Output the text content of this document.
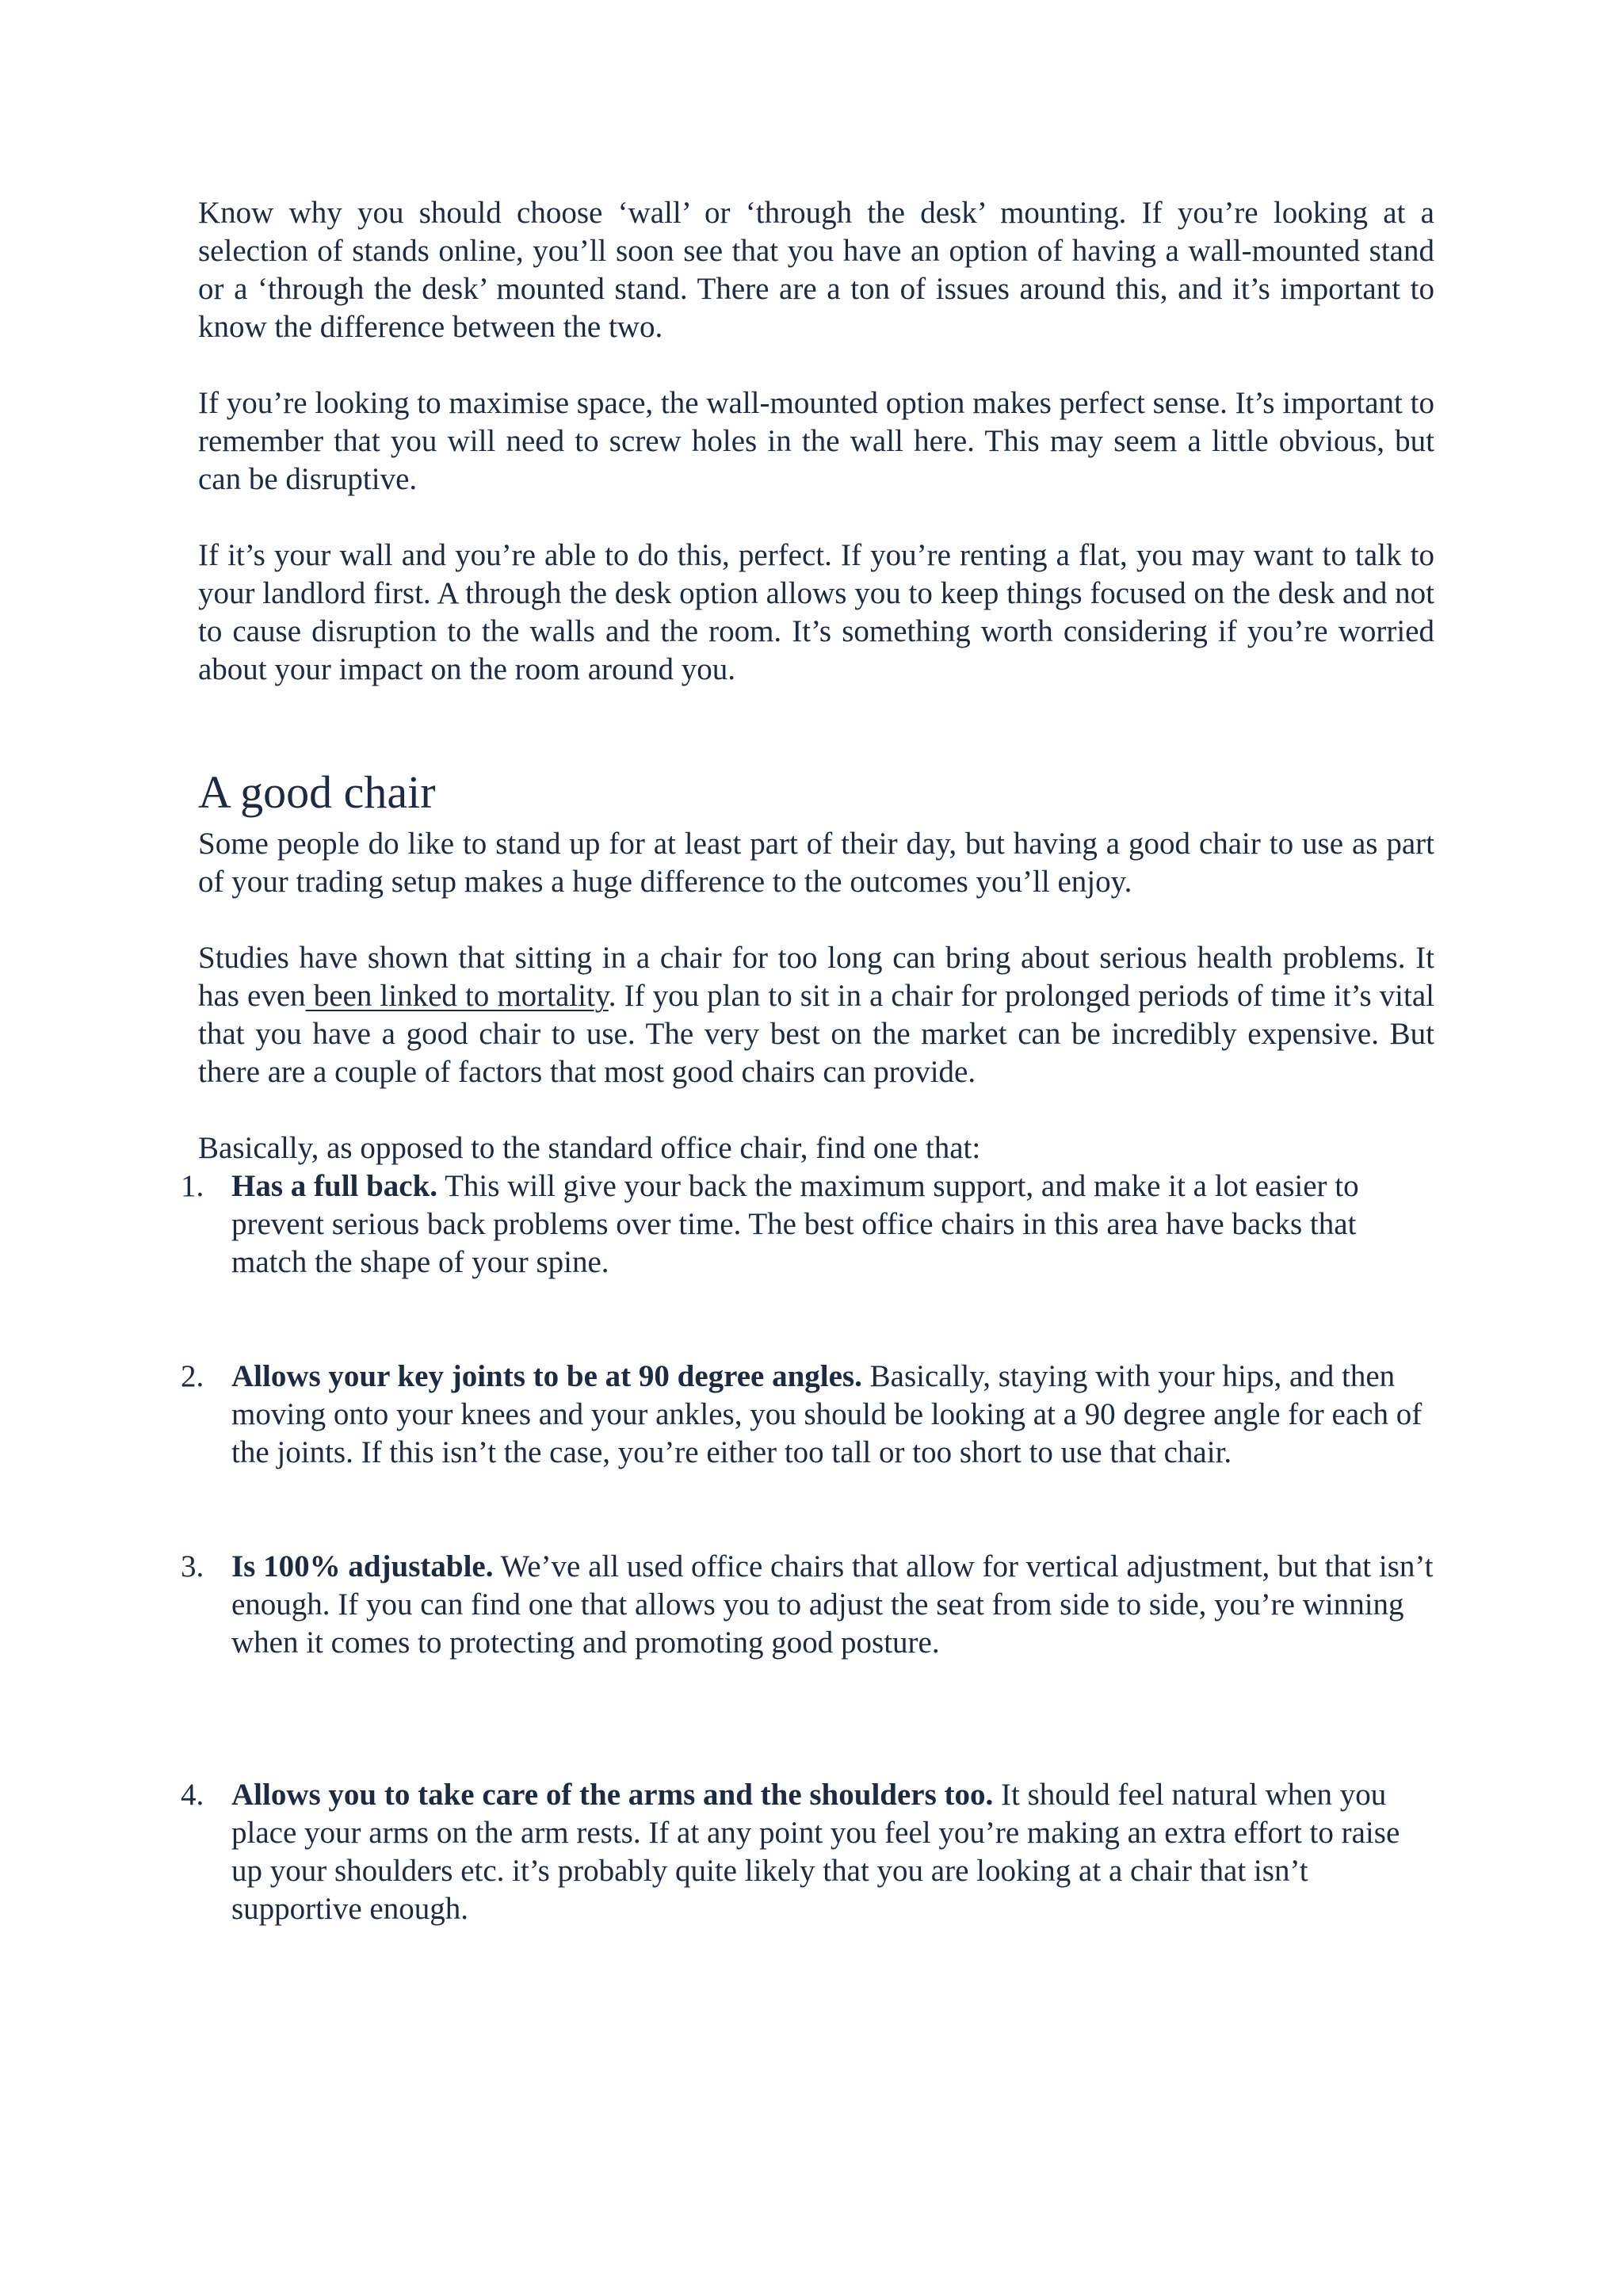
Know why you should choose ‘wall’ or ‘through the desk’ mounting. If you’re looking at a selection of stands online, you’ll soon see that you have an option of having a wall-mounted stand or a ‘through the desk’ mounted stand. There are a ton of issues around this, and it’s important to know the difference between the two.

If you’re looking to maximise space, the wall-mounted option makes perfect sense. It’s important to remember that you will need to screw holes in the wall here. This may seem a little obvious, but can be disruptive.

If it’s your wall and you’re able to do this, perfect. If you’re renting a flat, you may want to talk to your landlord first. A through the desk option allows you to keep things focused on the desk and not to cause disruption to the walls and the room. It’s something worth considering if you’re worried about your impact on the room around you.

A good chair

Some people do like to stand up for at least part of their day, but having a good chair to use as part of your trading setup makes a huge difference to the outcomes you’ll enjoy.

Studies have shown that sitting in a chair for too long can bring about serious health problems. It has even been linked to mortality. If you plan to sit in a chair for prolonged periods of time it’s vital that you have a good chair to use. The very best on the market can be incredibly expensive. But there are a couple of factors that most good chairs can provide.

Basically, as opposed to the standard office chair, find one that:

1. Has a full back. This will give your back the maximum support, and make it a lot easier to prevent serious back problems over time. The best office chairs in this area have backs that match the shape of your spine.
2. Allows your key joints to be at 90 degree angles. Basically, staying with your hips, and then moving onto your knees and your ankles, you should be looking at a 90 degree angle for each of the joints. If this isn’t the case, you’re either too tall or too short to use that chair.
3. Is 100% adjustable. We’ve all used office chairs that allow for vertical adjustment, but that isn’t enough. If you can find one that allows you to adjust the seat from side to side, you’re winning when it comes to protecting and promoting good posture.
4. Allows you to take care of the arms and the shoulders too. It should feel natural when you place your arms on the arm rests. If at any point you feel you’re making an extra effort to raise up your shoulders etc. it’s probably quite likely that you are looking at a chair that isn’t supportive enough.
